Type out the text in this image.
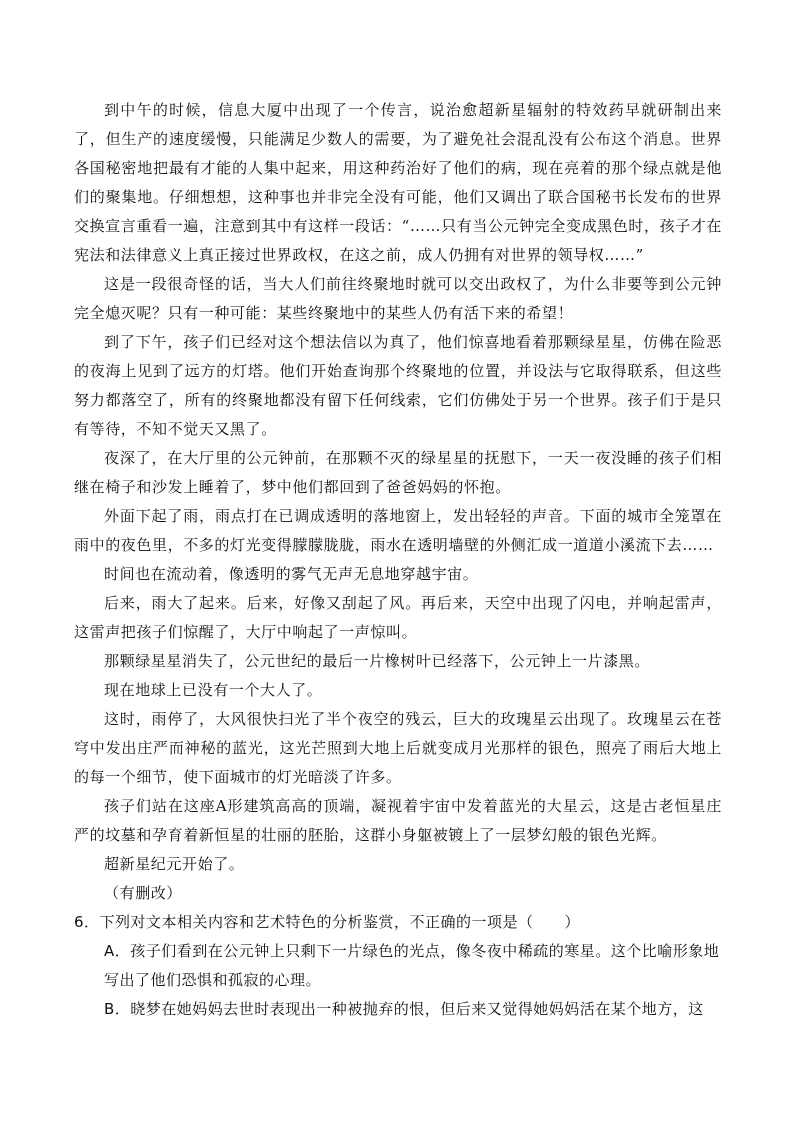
到中午的时候，信息大厦中出现了一个传言，说治愈超新星辐射的特效药早就研制出来了，但生产的速度缓慢，只能满足少数人的需要，为了避免社会混乱没有公布这个消息。世界各国秘密地把最有才能的人集中起来，用这种药治好了他们的病，现在亮着的那个绿点就是他们的聚集地。仔细想想，这种事也并非完全没有可能，他们又调出了联合国秘书长发布的世界交换宣言重看一遍，注意到其中有这样一段话：“……只有当公元钟完全变成黑色时，孩子才在宪法和法律意义上真正接过世界政权，在这之前，成人仍拥有对世界的领导权……”

这是一段很奇怪的话，当大人们前往终聚地时就可以交出政权了，为什么非要等到公元钟完全熄灭呢？只有一种可能：某些终聚地中的某些人仍有活下来的希望！

到了下午，孩子们已经对这个想法信以为真了，他们惊喜地看着那颗绿星星，仿佛在险恶的夜海上见到了远方的灯塔。他们开始查询那个终聚地的位置，并设法与它取得联系，但这些努力都落空了，所有的终聚地都没有留下任何线索，它们仿佛处于另一个世界。孩子们于是只有等待，不知不觉天又黑了。

夜深了，在大厅里的公元钟前，在那颗不灭的绿星星的抚慰下，一天一夜没睡的孩子们相继在椅子和沙发上睡着了，梦中他们都回到了爸爸妈妈的怀抱。

外面下起了雨，雨点打在已调成透明的落地窗上，发出轻轻的声音。下面的城市全笼罩在雨中的夜色里，不多的灯光变得朦朦胧胧，雨水在透明墙壁的外侧汇成一道道小溪流下去……

时间也在流动着，像透明的雾气无声无息地穿越宇宙。

后来，雨大了起来。后来，好像又刮起了风。再后来，天空中出现了闪电，并响起雷声，这雷声把孩子们惊醒了，大厅中响起了一声惊叫。

那颗绿星星消失了，公元世纪的最后一片橡树叶已经落下，公元钟上一片漆黑。

现在地球上已没有一个大人了。

这时，雨停了，大风很快扫光了半个夜空的残云，巨大的玫瑰星云出现了。玫瑰星云在苍穹中发出庄严而神秘的蓝光，这光芒照到大地上后就变成月光那样的银色，照亮了雨后大地上的每一个细节，使下面城市的灯光暗淡了许多。

孩子们站在这座A形建筑高高的顶端，凝视着宇宙中发着蓝光的大星云，这是古老恒星庄严的坟墓和孕育着新恒星的壮丽的胚胎，这群小身躯被镀上了一层梦幻般的银色光辉。

超新星纪元开始了。

（有删改）

6．下列对文本相关内容和艺术特色的分析鉴赏，不正确的一项是（　　）

A．孩子们看到在公元钟上只剩下一片绿色的光点，像冬夜中稀疏的寒星。这个比喻形象地写出了他们恐惧和孤寂的心理。

B．晓梦在她妈妈去世时表现出一种被抛弃的恨，但后来又觉得她妈妈活在某个地方，这
